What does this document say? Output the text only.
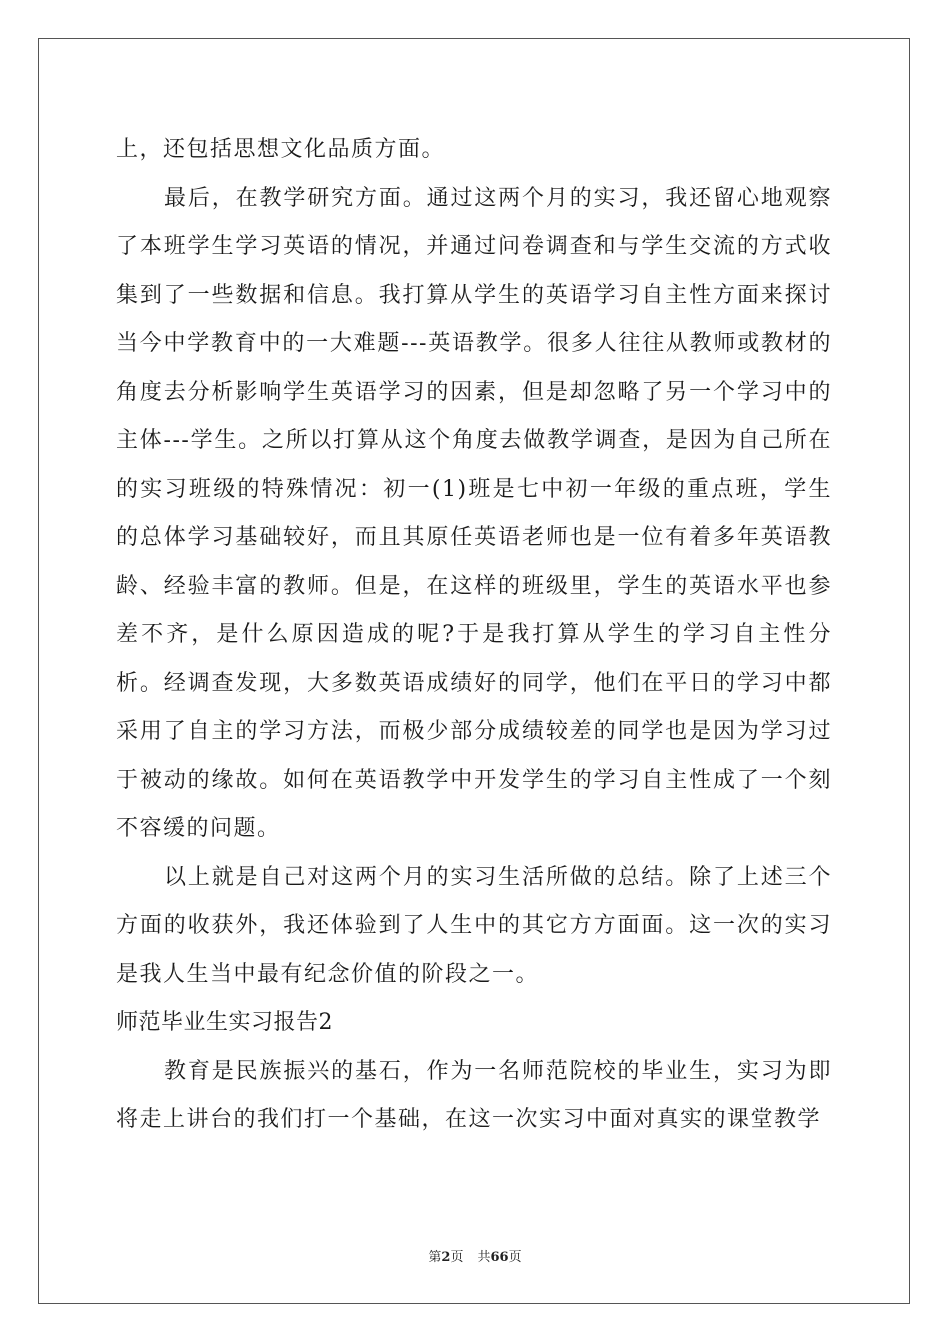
上，还包括思想文化品质方面。

最后，在教学研究方面。通过这两个月的实习，我还留心地观察了本班学生学习英语的情况，并通过问卷调查和与学生交流的方式收集到了一些数据和信息。我打算从学生的英语学习自主性方面来探讨当今中学教育中的一大难题---英语教学。很多人往往从教师或教材的角度去分析影响学生英语学习的因素，但是却忽略了另一个学习中的主体---学生。之所以打算从这个角度去做教学调查，是因为自己所在的实习班级的特殊情况：初一(1)班是七中初一年级的重点班，学生的总体学习基础较好，而且其原任英语老师也是一位有着多年英语教龄、经验丰富的教师。但是，在这样的班级里，学生的英语水平也参差不齐，是什么原因造成的呢?于是我打算从学生的学习自主性分析。经调查发现，大多数英语成绩好的同学，他们在平日的学习中都采用了自主的学习方法，而极少部分成绩较差的同学也是因为学习过于被动的缘故。如何在英语教学中开发学生的学习自主性成了一个刻不容缓的问题。

以上就是自己对这两个月的实习生活所做的总结。除了上述三个方面的收获外，我还体验到了人生中的其它方方面面。这一次的实习是我人生当中最有纪念价值的阶段之一。

师范毕业生实习报告2

教育是民族振兴的基石，作为一名师范院校的毕业生，实习为即将走上讲台的我们打一个基础，在这一次实习中面对真实的课堂教学

第2页 共66页
